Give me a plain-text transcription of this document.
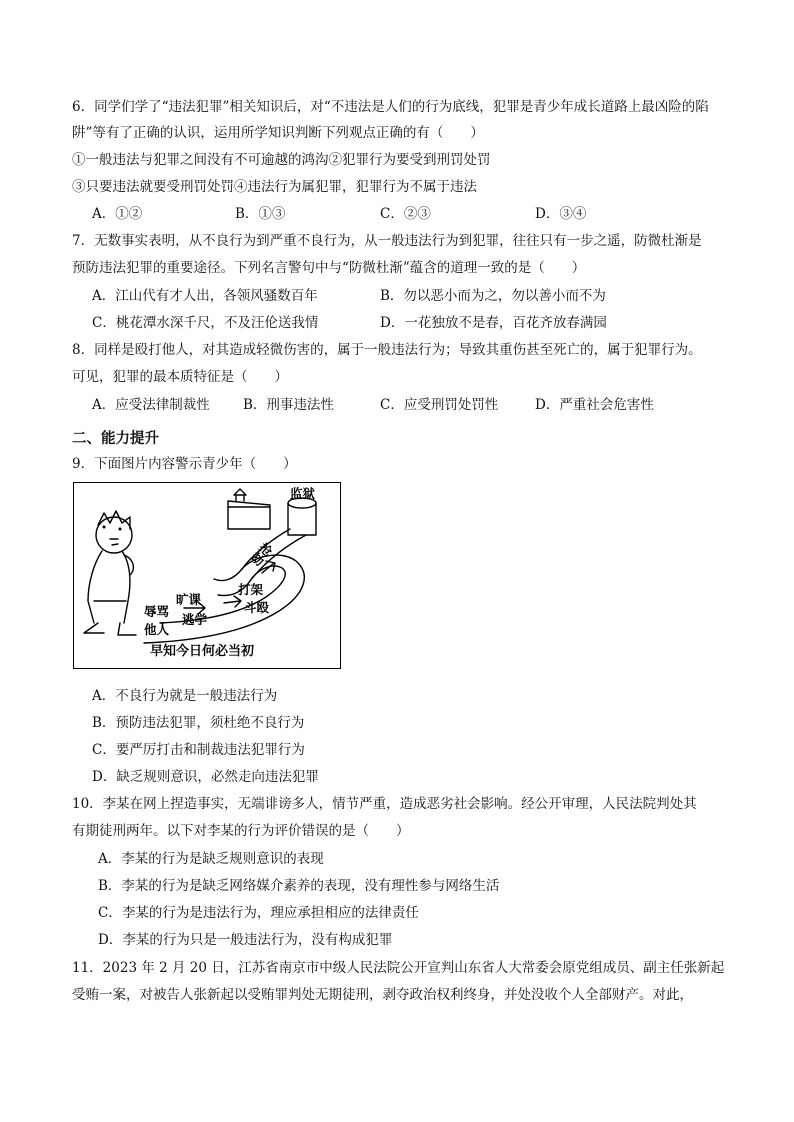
6．同学们学了“违法犯罪”相关知识后，对“不违法是人们的行为底线，犯罪是青少年成长道路上最凶险的陷
阱”等有了正确的认识，运用所学知识判断下列观点正确的有（　　）
①一般违法与犯罪之间没有不可逾越的鸿沟②犯罪行为要受到刑罚处罚
③只要违法就要受刑罚处罚④违法行为属犯罪，犯罪行为不属于违法
A．①②	B．①③	C．②③	D．③④
7．无数事实表明，从不良行为到严重不良行为，从一般违法行为到犯罪，往往只有一步之遥，防微杜渐是
预防违法犯罪的重要途径。下列名言警句中与“防微杜渐”蕴含的道理一致的是（　　）
A．江山代有才人出，各领风骚数百年	B．勿以恶小而为之，勿以善小而不为
C．桃花潭水深千尺，不及汪伦送我情	D．一花独放不是春，百花齐放春满园
8．同样是殴打他人，对其造成轻微伤害的，属于一般违法行为；导致其重伤甚至死亡的，属于犯罪行为。
可见，犯罪的最本质特征是（　　）
A．应受法律制裁性 B．刑事违法性	C．应受刑罚处罚性	D．严重社会危害性
二、能力提升
9．下面图片内容警示青少年（　　）
监狱
抢劫
打架
斗殴
旷课
逃学
辱骂
他人
早知今日何必当初
A．不良行为就是一般违法行为
B．预防违法犯罪，须杜绝不良行为
C．要严厉打击和制裁违法犯罪行为
D．缺乏规则意识，必然走向违法犯罪
10．李某在网上捏造事实，无端诽谤多人，情节严重，造成恶劣社会影响。经公开审理，人民法院判处其
有期徒刑两年。以下对李某的行为评价错误的是（　　）
A．李某的行为是缺乏规则意识的表现
B．李某的行为是缺乏网络媒介素养的表现，没有理性参与网络生活
C．李某的行为是违法行为，理应承担相应的法律责任
D．李某的行为只是一般违法行为，没有构成犯罪
11．2023 年 2 月 20 日，江苏省南京市中级人民法院公开宣判山东省人大常委会原党组成员、副主任张新起
受贿一案，对被告人张新起以受贿罪判处无期徒刑，剥夺政治权利终身，并处没收个人全部财产。对此，
